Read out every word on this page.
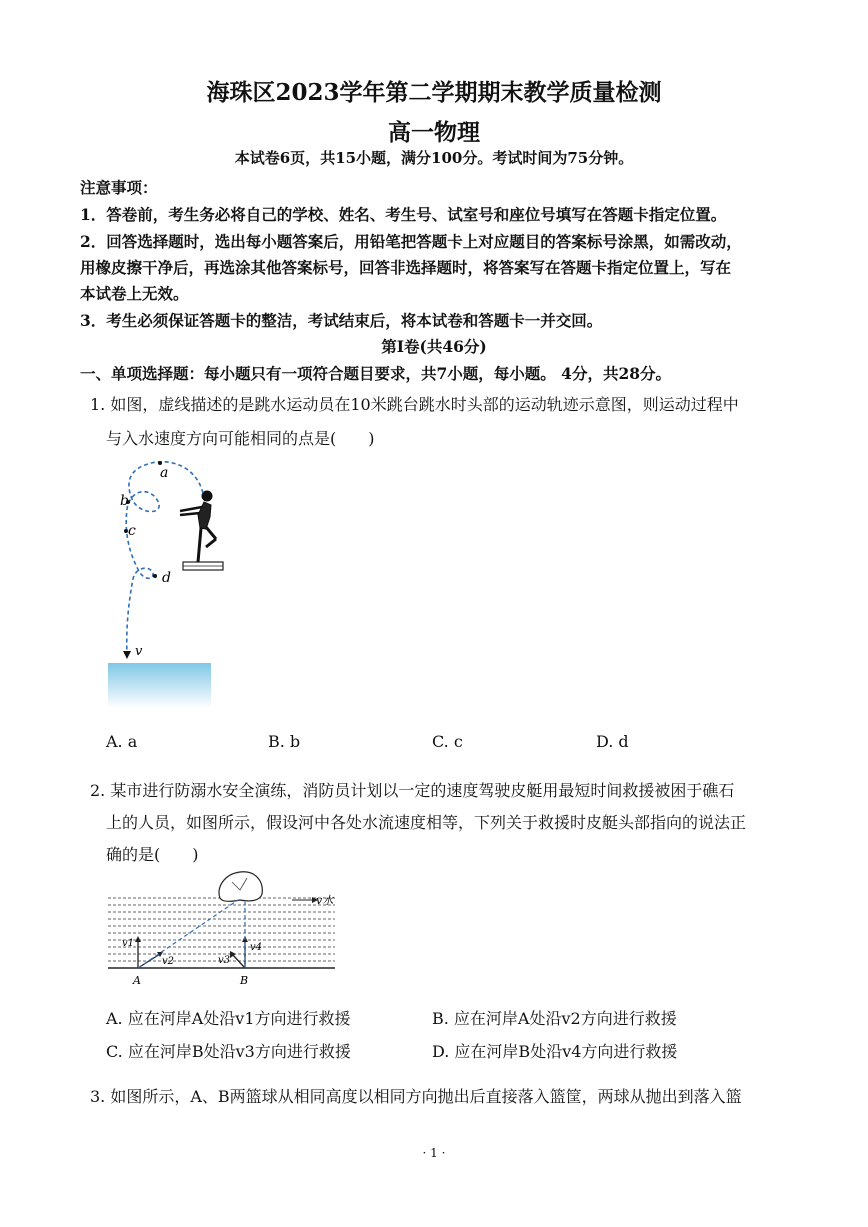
海珠区2023学年第二学期期末教学质量检测
高一物理
本试卷6页，共15小题，满分100分。考试时间为75分钟。
注意事项：
1．答卷前，考生务必将自己的学校、姓名、考生号、试室号和座位号填写在答题卡指定位置。
2．回答选择题时，选出每小题答案后，用铅笔把答题卡上对应题目的答案标号涂黑，如需改动，
用橡皮擦干净后，再选涂其他答案标号，回答非选择题时，将答案写在答题卡指定位置上，写在
本试卷上无效。
3．考生必须保证答题卡的整洁，考试结束后，将本试卷和答题卡一并交回。
第I卷(共46分)
一、单项选择题：每小题只有一项符合题目要求，共7小题，每小题。 4分，共28分。
1. 如图，虚线描述的是跳水运动员在10米跳台跳水时头部的运动轨迹示意图，则运动过程中
与入水速度方向可能相同的点是(　　)
a
b
c
d
v
A. a	B. b	C. c	D. d
2. 某市进行防溺水安全演练，消防员计划以一定的速度驾驶皮艇用最短时间救援被困于礁石
上的人员，如图所示，假设河中各处水流速度相等，下列关于救援时皮艇头部指向的说法正
确的是(　　)
v水
v1
v2
v4
v3
A	B
A. 应在河岸A处沿v1方向进行救援	B. 应在河岸A处沿v2方向进行救援
C. 应在河岸B处沿v3方向进行救援	D. 应在河岸B处沿v4方向进行救援
3. 如图所示，A、B两篮球从相同高度以相同方向抛出后直接落入篮筐，两球从抛出到落入篮
· 1 ·
